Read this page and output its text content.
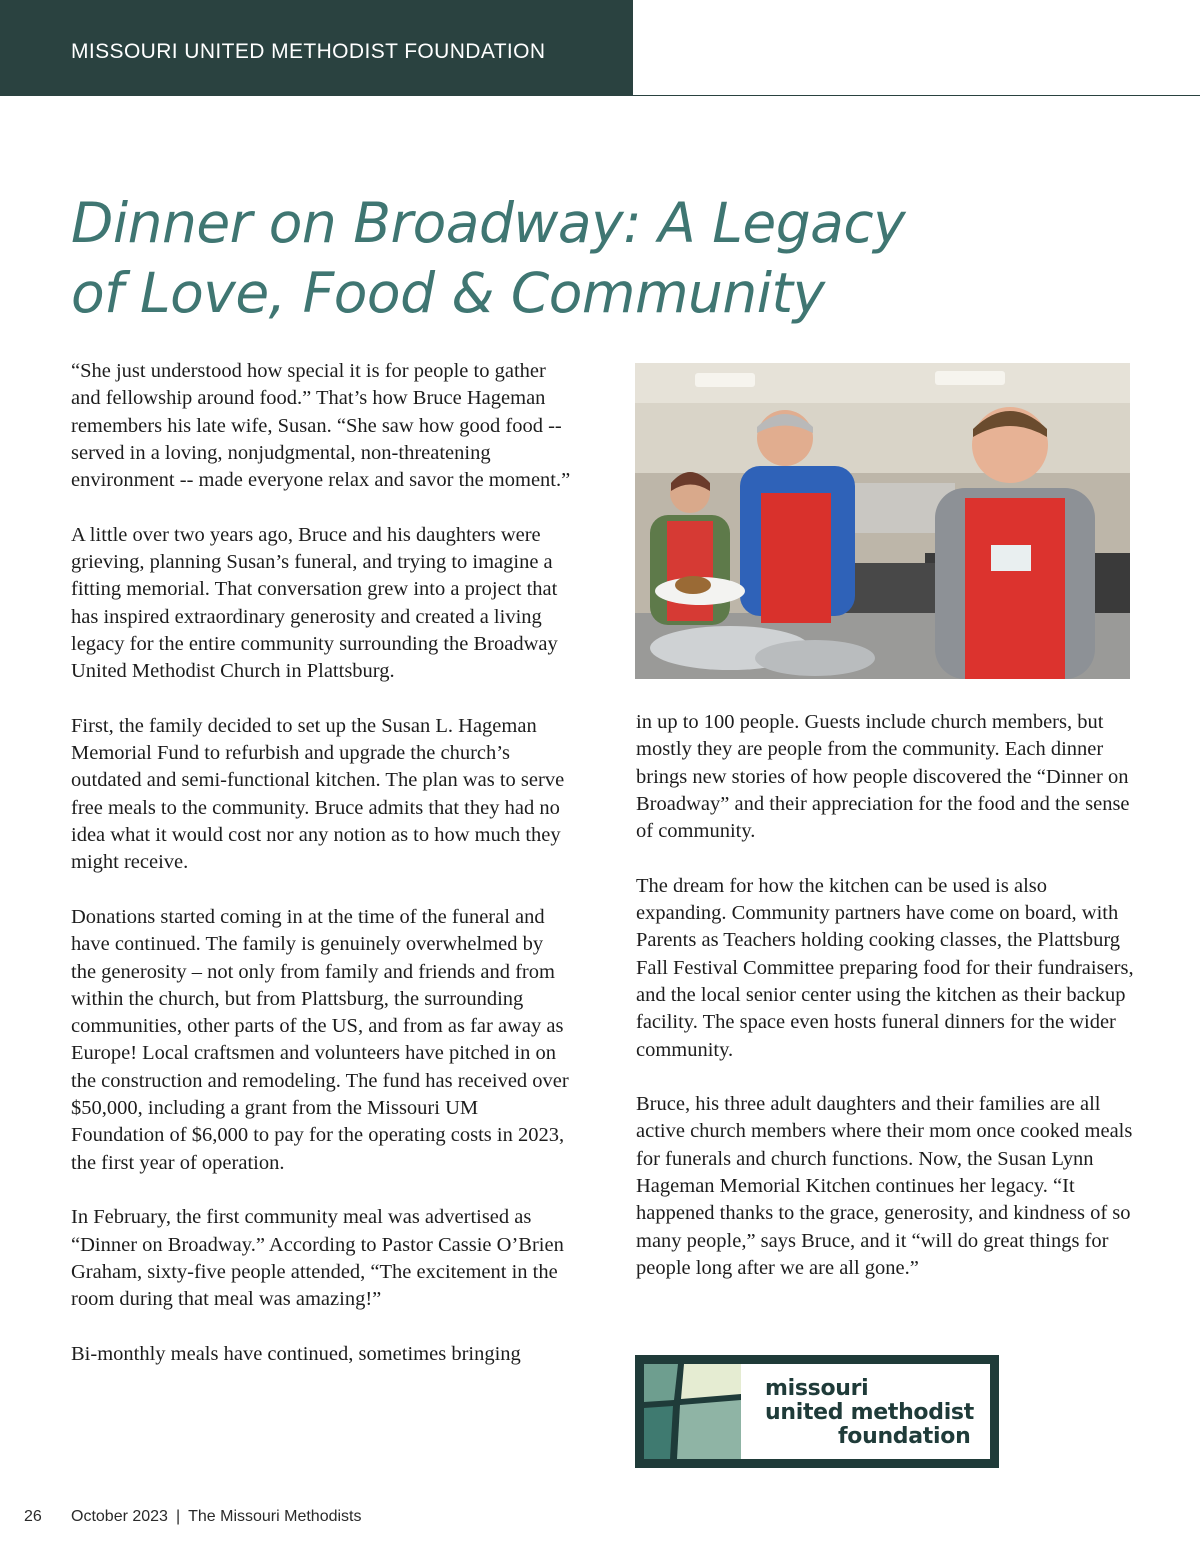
MISSOURI UNITED METHODIST FOUNDATION
Dinner on Broadway: A Legacy
of Love, Food & Community

“She just understood how special it is for people to gather and fellowship around food.” That’s how Bruce Hageman remembers his late wife, Susan. “She saw how good food -- served in a loving, nonjudgmental, non-threatening environment -- made everyone relax and savor the moment.”

A little over two years ago, Bruce and his daughters were grieving, planning Susan’s funeral, and trying to imagine a fitting memorial. That conversation grew into a project that has inspired extraordinary generosity and created a living legacy for the entire community surrounding the Broadway United Methodist Church in Plattsburg.

First, the family decided to set up the Susan L. Hageman Memorial Fund to refurbish and upgrade the church’s outdated and semi-functional kitchen. The plan was to serve free meals to the community. Bruce admits that they had no idea what it would cost nor any notion as to how much they might receive.

Donations started coming in at the time of the funeral and have continued. The family is genuinely overwhelmed by the generosity – not only from family and friends and from within the church, but from Plattsburg, the surrounding communities, other parts of the US, and from as far away as Europe! Local craftsmen and volunteers have pitched in on the construction and remodeling. The fund has received over $50,000, including a grant from the Missouri UM Foundation of $6,000 to pay for the operating costs in 2023, the first year of operation.

In February, the first community meal was advertised as “Dinner on Broadway.” According to Pastor Cassie O’Brien Graham, sixty-five people attended, “The excitement in the room during that meal was amazing!”

Bi-monthly meals have continued, sometimes bringing

in up to 100 people. Guests include church members, but mostly they are people from the community. Each dinner brings new stories of how people discovered the “Dinner on Broadway” and their appreciation for the food and the sense of community.

The dream for how the kitchen can be used is also expanding. Community partners have come on board, with Parents as Teachers holding cooking classes, the Plattsburg Fall Festival Committee preparing food for their fundraisers, and the local senior center using the kitchen as their backup facility. The space even hosts funeral dinners for the wider community.

Bruce, his three adult daughters and their families are all active church members where their mom once cooked meals for funerals and church functions. Now, the Susan Lynn Hageman Memorial Kitchen continues her legacy. “It happened thanks to the grace, generosity, and kindness of so many people,” says Bruce, and it “will do great things for people long after we are all gone.”

missouri
united methodist
foundation
26 October 2023 | The Missouri Methodists
